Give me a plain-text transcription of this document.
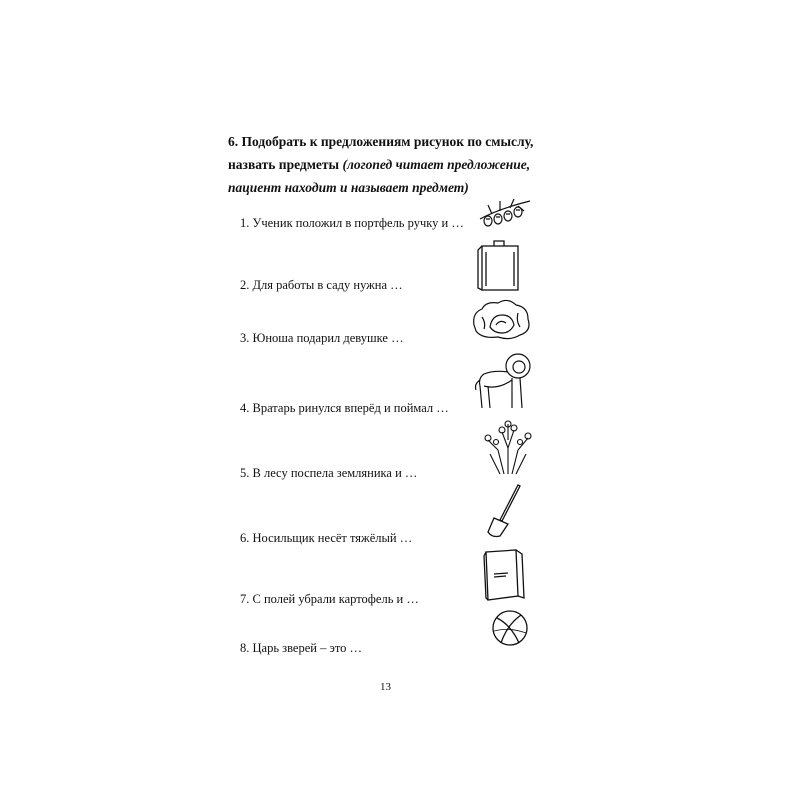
6. Подобрать к предложениям рисунок по смыслу, назвать предметы (логопед читает предложение, пациент находит и называет предмет)
1. Ученик положил в портфель ручку и …
2. Для работы в саду нужна …
3. Юноша подарил девушке …
4. Вратарь ринулся вперёд и поймал …
5. В лесу поспела земляника и …
6. Носильщик несёт тяжёлый …
7. С полей убрали картофель и …
8. Царь зверей – это …
13
